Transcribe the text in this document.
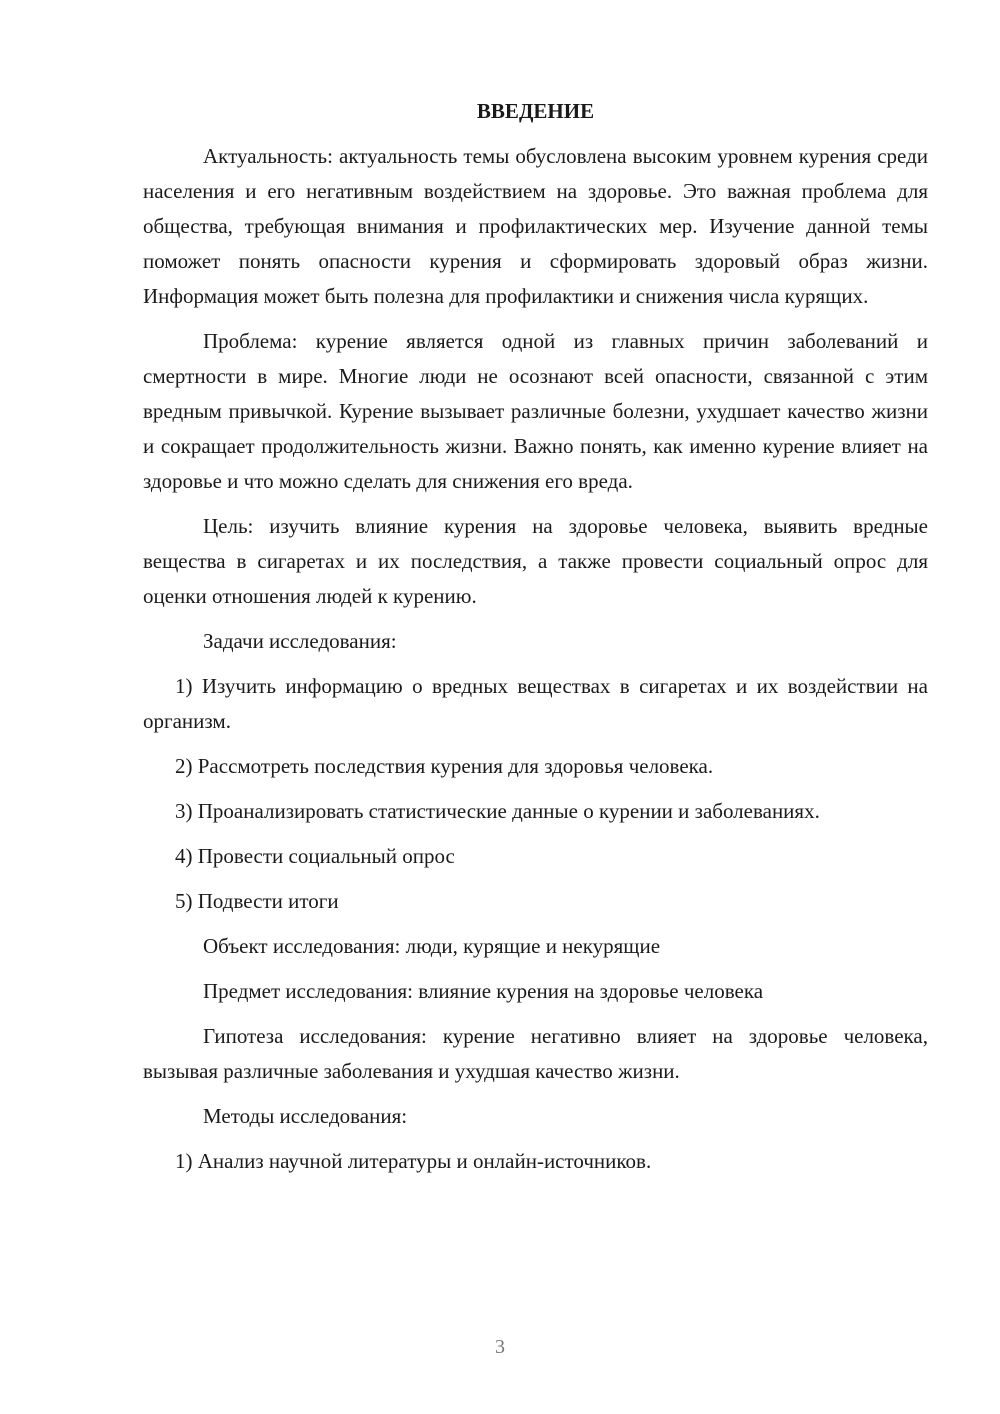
ВВЕДЕНИЕ

Актуальность: актуальность темы обусловлена высоким уровнем курения среди населения и его негативным воздействием на здоровье. Это важная проблема для общества, требующая внимания и профилактических мер. Изучение данной темы поможет понять опасности курения и сформировать здоровый образ жизни. Информация может быть полезна для профилактики и снижения числа курящих.

Проблема: курение является одной из главных причин заболеваний и смертности в мире. Многие люди не осознают всей опасности, связанной с этим вредным привычкой. Курение вызывает различные болезни, ухудшает качество жизни и сокращает продолжительность жизни. Важно понять, как именно курение влияет на здоровье и что можно сделать для снижения его вреда.

Цель: изучить влияние курения на здоровье человека, выявить вредные вещества в сигаретах и их последствия, а также провести социальный опрос для оценки отношения людей к курению.

Задачи исследования:

1) Изучить информацию о вредных веществах в сигаретах и их воздействии на организм.

2) Рассмотреть последствия курения для здоровья человека.

3) Проанализировать статистические данные о курении и заболеваниях.

4) Провести социальный опрос

5) Подвести итоги

Объект исследования: люди, курящие и некурящие

Предмет исследования: влияние курения на здоровье человека

Гипотеза исследования: курение негативно влияет на здоровье человека, вызывая различные заболевания и ухудшая качество жизни.

Методы исследования:

1) Анализ научной литературы и онлайн-источников.

3
